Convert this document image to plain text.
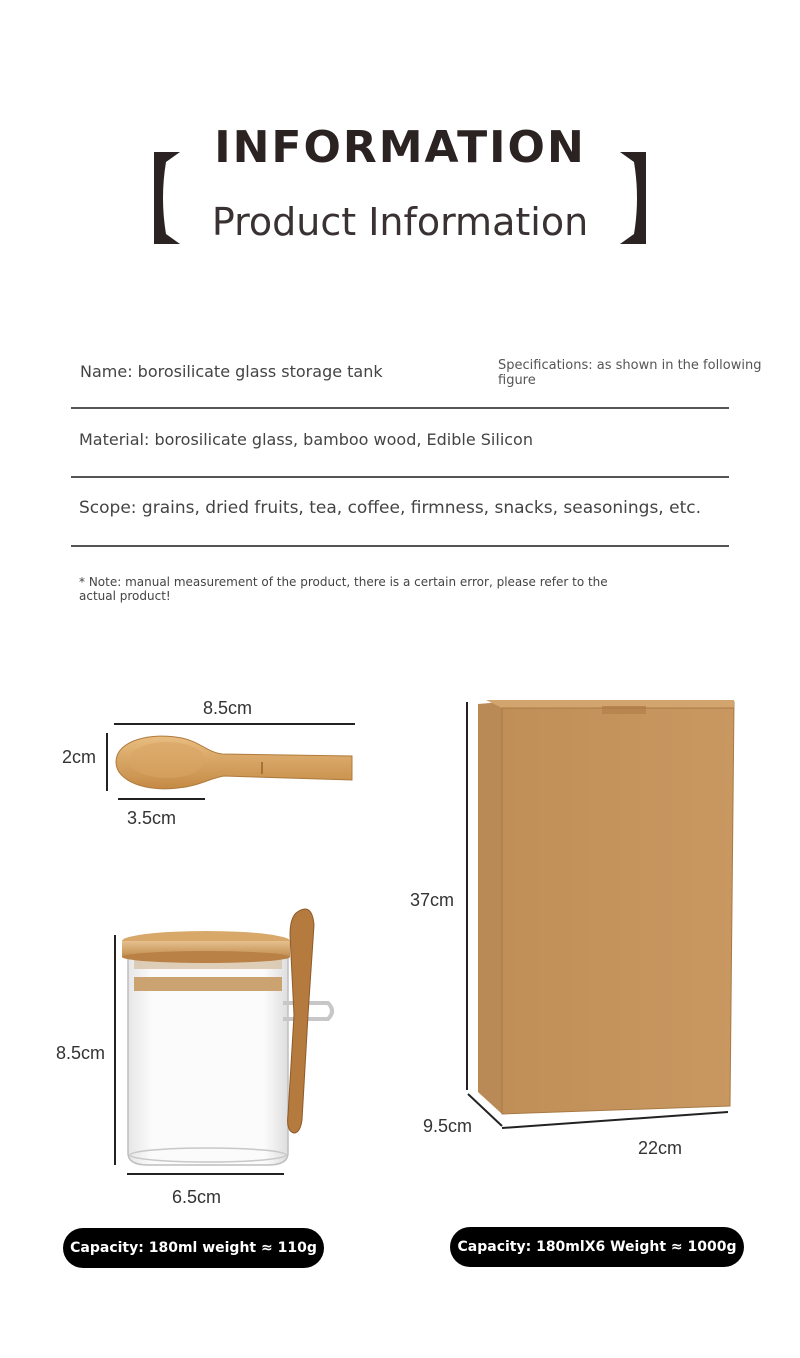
INFORMATION
Product Information
Name: borosilicate glass storage tank	Specifications: as shown in the following figure
Material: borosilicate glass, bamboo wood, Edible Silicon
Scope: grains, dried fruits, tea, coffee, firmness, snacks, seasonings, etc.
* Note: manual measurement of the product, there is a certain error, please refer to the
actual product!
8.5cm
2cm
3.5cm
8.5cm
6.5cm
Capacity: 180ml weight ≈ 110g
37cm
9.5cm
22cm
Capacity: 180mlX6 Weight ≈ 1000g
